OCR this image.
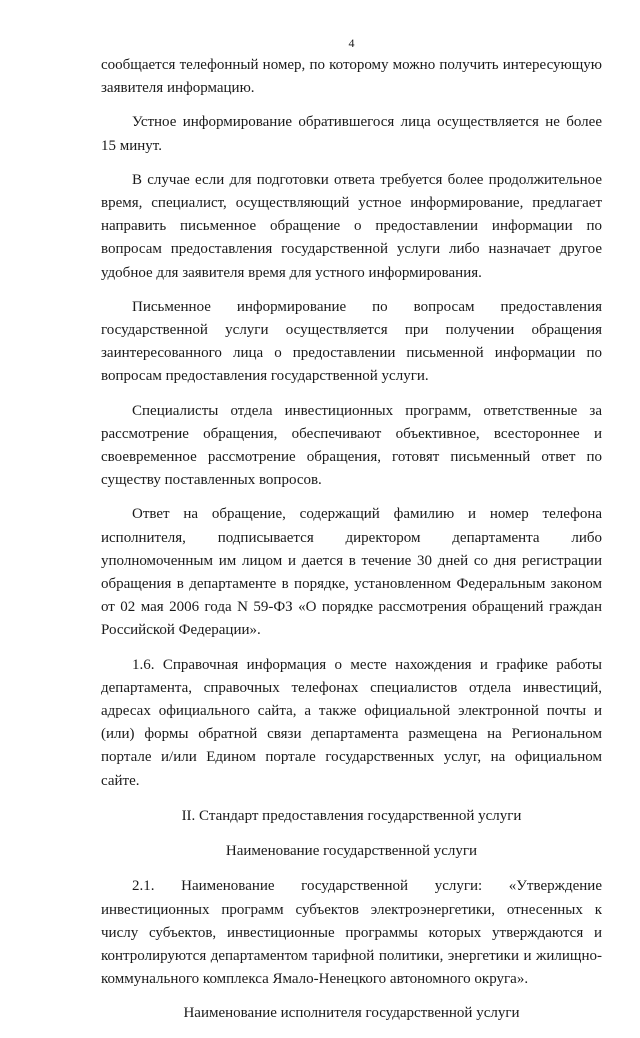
4

сообщается телефонный номер, по которому можно получить интересующую заявителя информацию.

Устное информирование обратившегося лица осуществляется не более 15 минут.

В случае если для подготовки ответа требуется более продолжительное время, специалист, осуществляющий устное информирование, предлагает направить письменное обращение о предоставлении информации по вопросам предоставления государственной услуги либо назначает другое удобное для заявителя время для устного информирования.

Письменное информирование по вопросам предоставления государственной услуги осуществляется при получении обращения заинтересованного лица о предоставлении письменной информации по вопросам предоставления государственной услуги.

Специалисты отдела инвестиционных программ, ответственные за рассмотрение обращения, обеспечивают объективное, всестороннее и своевременное рассмотрение обращения, готовят письменный ответ по существу поставленных вопросов.

Ответ на обращение, содержащий фамилию и номер телефона исполнителя, подписывается директором департамента либо уполномоченным им лицом и дается в течение 30 дней со дня регистрации обращения в департаменте в порядке, установленном Федеральным законом от 02 мая 2006 года N 59-ФЗ «О порядке рассмотрения обращений граждан Российской Федерации».

1.6. Справочная информация о месте нахождения и графике работы департамента, справочных телефонах специалистов отдела инвестиций, адресах официального сайта, а также официальной электронной почты и (или) формы обратной связи департамента размещена на Региональном портале и/или Едином портале государственных услуг, на официальном сайте.

II. Стандарт предоставления государственной услуги
Наименование государственной услуги

2.1. Наименование государственной услуги: «Утверждение инвестиционных программ субъектов электроэнергетики, отнесенных к числу субъектов, инвестиционные программы которых утверждаются и контролируются департаментом тарифной политики, энергетики и жилищно-коммунального комплекса Ямало-Ненецкого автономного округа».

Наименование исполнителя государственной услуги
